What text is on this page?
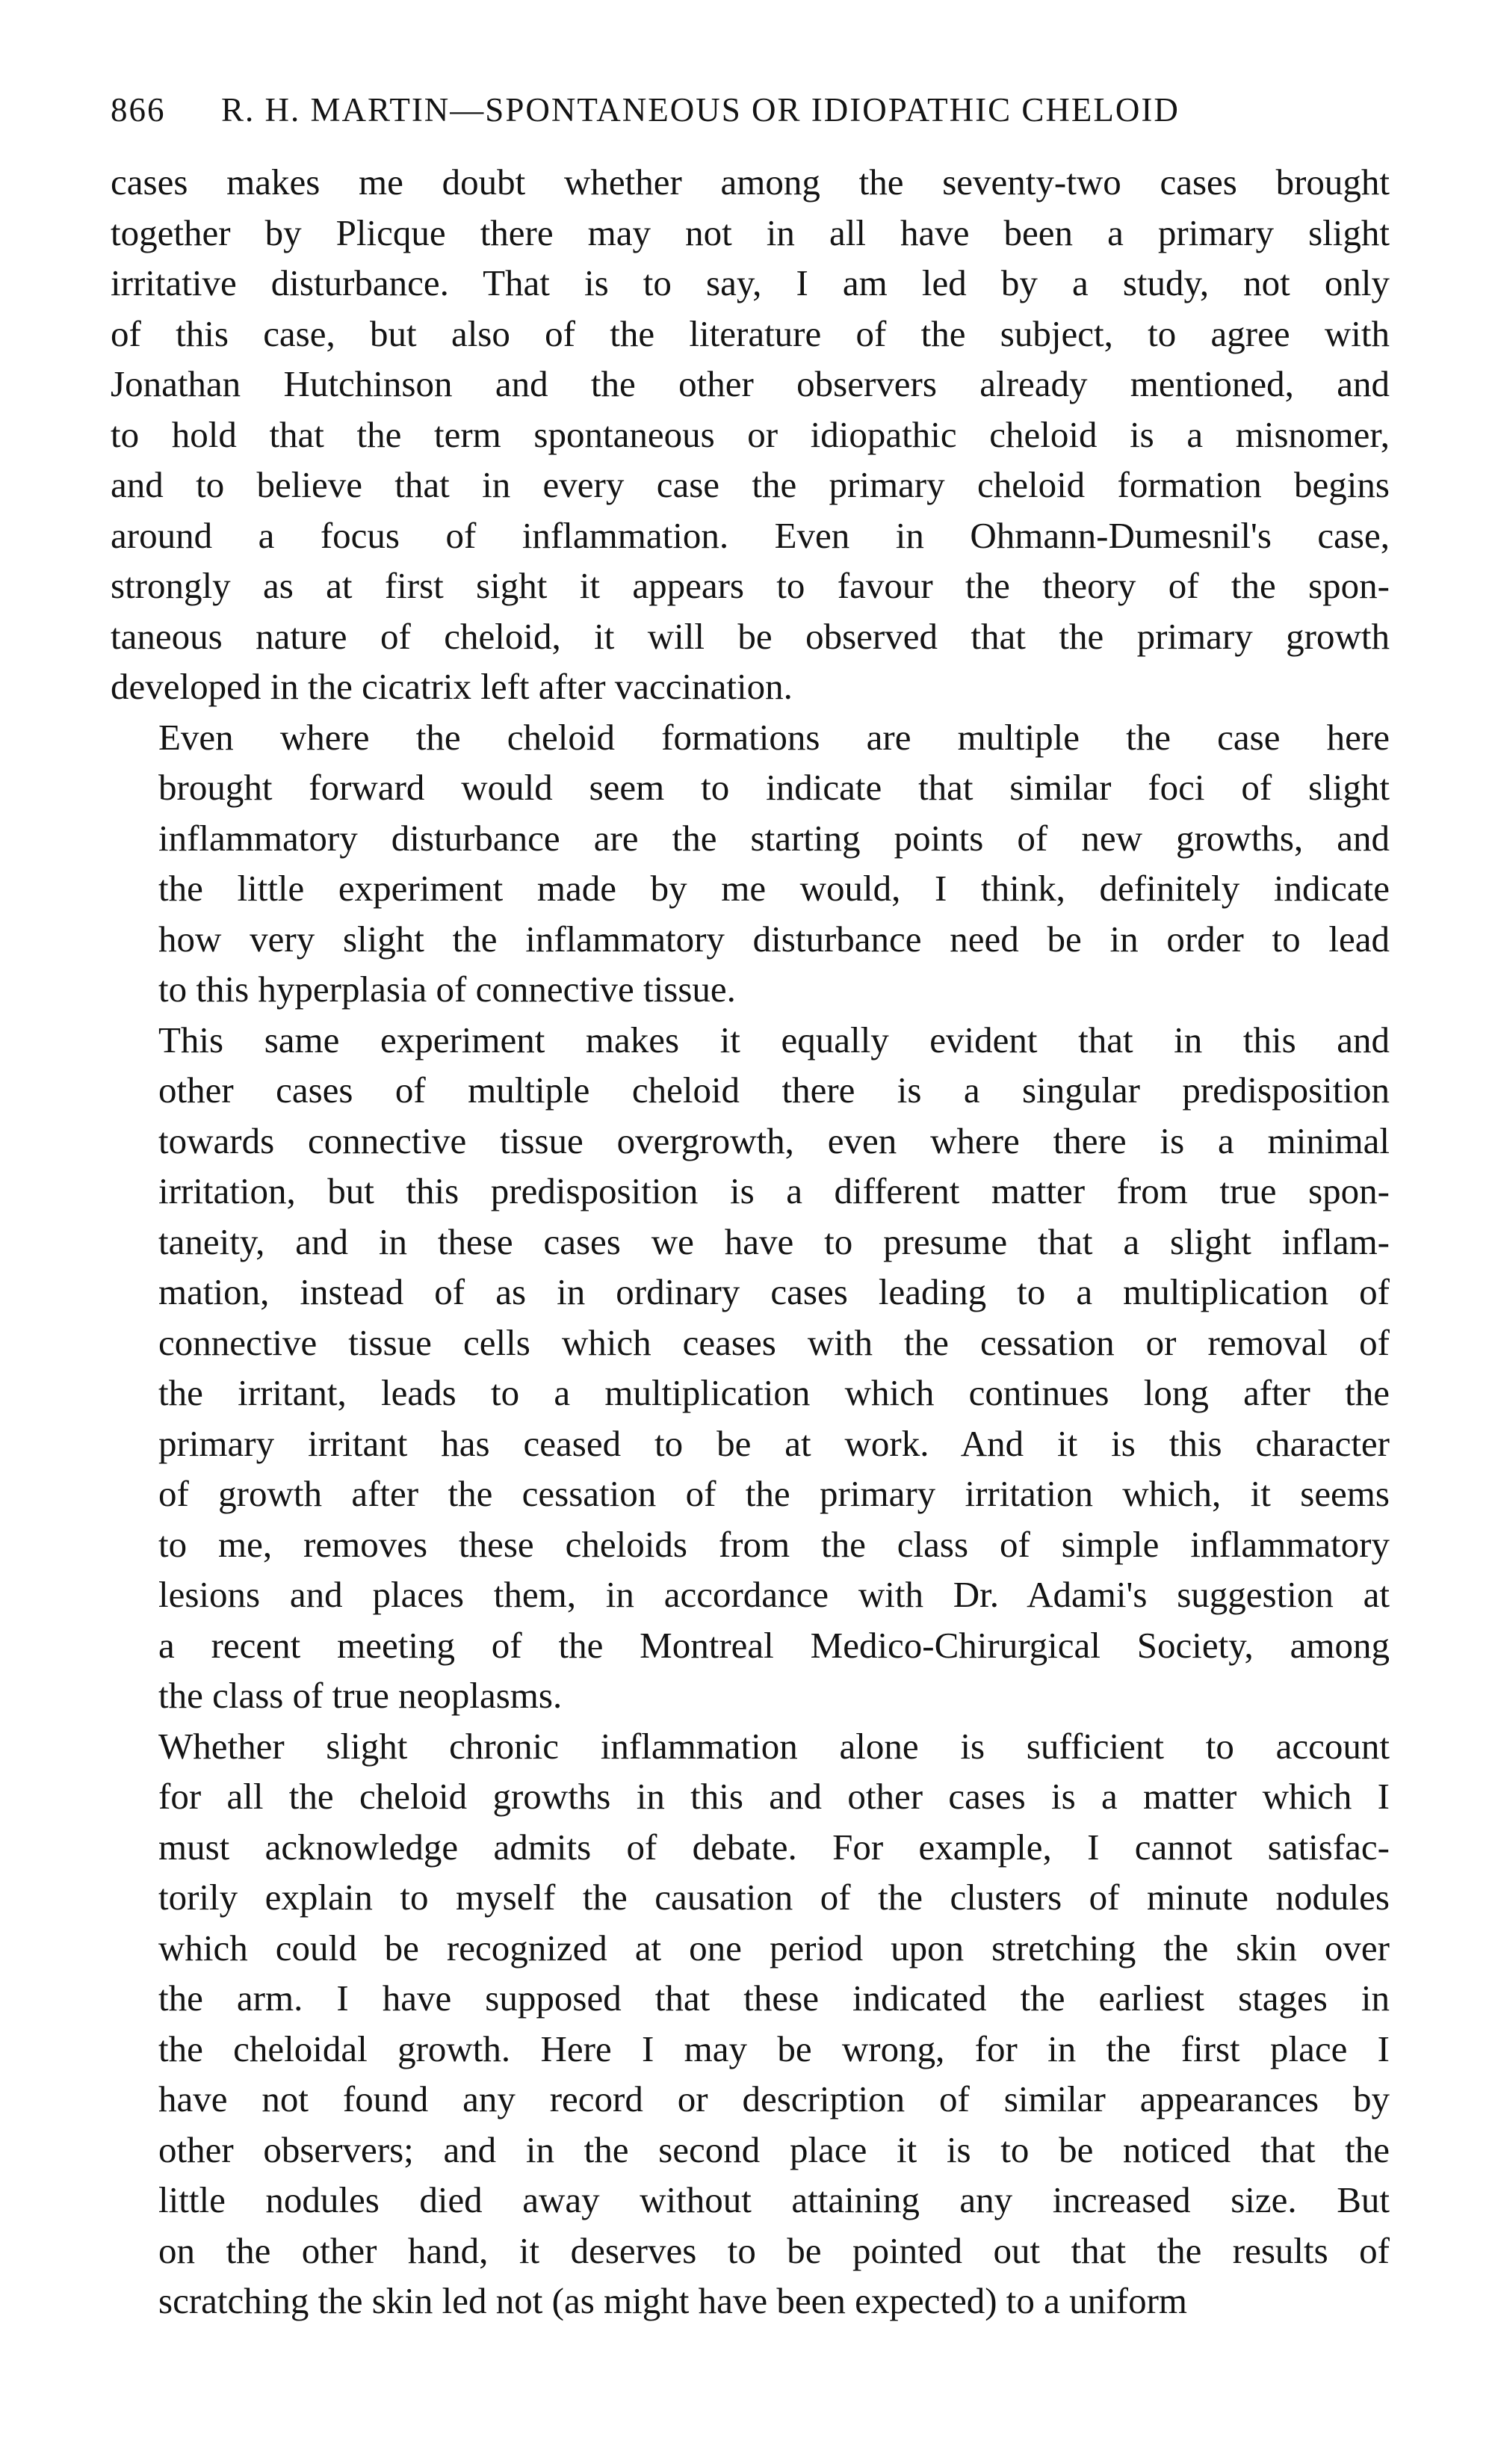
866 R. H. MARTIN—SPONTANEOUS OR IDIOPATHIC CHELOID

cases makes me doubt whether among the seventy-two cases brought
together by Plicque there may not in all have been a primary slight
irritative disturbance. That is to say, I am led by a study, not only
of this case, but also of the literature of the subject, to agree with
Jonathan Hutchinson and the other observers already mentioned, and
to hold that the term spontaneous or idiopathic cheloid is a misnomer,
and to believe that in every case the primary cheloid formation begins
around a focus of inflammation. Even in Ohmann-Dumesnil's case,
strongly as at first sight it appears to favour the theory of the spon-
taneous nature of cheloid, it will be observed that the primary growth
developed in the cicatrix left after vaccination.

Even where the cheloid formations are multiple the case here
brought forward would seem to indicate that similar foci of slight
inflammatory disturbance are the starting points of new growths, and
the little experiment made by me would, I think, definitely indicate
how very slight the inflammatory disturbance need be in order to lead
to this hyperplasia of connective tissue.

This same experiment makes it equally evident that in this and
other cases of multiple cheloid there is a singular predisposition
towards connective tissue overgrowth, even where there is a minimal
irritation, but this predisposition is a different matter from true spon-
taneity, and in these cases we have to presume that a slight inflam-
mation, instead of as in ordinary cases leading to a multiplication of
connective tissue cells which ceases with the cessation or removal of
the irritant, leads to a multiplication which continues long after the
primary irritant has ceased to be at work. And it is this character
of growth after the cessation of the primary irritation which, it seems
to me, removes these cheloids from the class of simple inflammatory
lesions and places them, in accordance with Dr. Adami's suggestion at
a recent meeting of the Montreal Medico-Chirurgical Society, among
the class of true neoplasms.

Whether slight chronic inflammation alone is sufficient to account
for all the cheloid growths in this and other cases is a matter which I
must acknowledge admits of debate. For example, I cannot satisfac-
torily explain to myself the causation of the clusters of minute nodules
which could be recognized at one period upon stretching the skin over
the arm. I have supposed that these indicated the earliest stages in
the cheloidal growth. Here I may be wrong, for in the first place I
have not found any record or description of similar appearances by
other observers; and in the second place it is to be noticed that the
little nodules died away without attaining any increased size. But
on the other hand, it deserves to be pointed out that the results of
scratching the skin led not (as might have been expected) to a uniform
